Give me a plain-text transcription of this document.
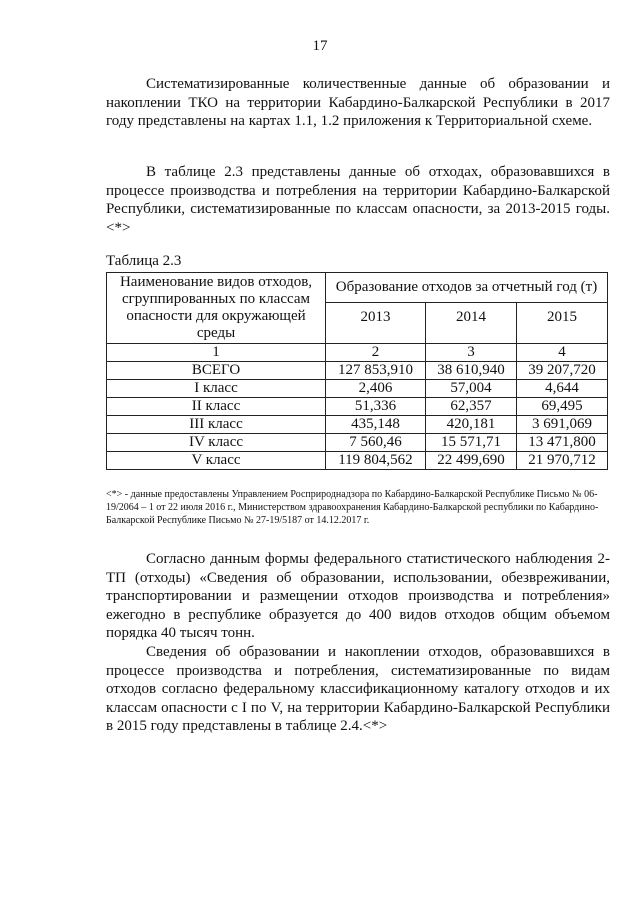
17

Систематизированные количественные данные об образовании и накоплении ТКО на территории Кабардино-Балкарской Республики в 2017 году представлены на картах 1.1, 1.2 приложения к Территориальной схеме.

В таблице 2.3 представлены данные об отходах, образовавшихся в процессе производства и потребления на территории Кабардино-Балкарской Республики, систематизированные по классам опасности, за 2013-2015 годы. <*>

Таблица 2.3
Наименование видов отходов, сгруппированных по классам опасности для окружающей среды	Образование отходов за отчетный год (т)		
	2013	2014	2015
1	2	3	4
ВСЕГО	127 853,910	38 610,940	39 207,720
I класс	2,406	57,004	4,644
II класс	51,336	62,357	69,495
III класс	435,148	420,181	3 691,069
IV класс	7 560,46	15 571,71	13 471,800
V класс	119 804,562	22 499,690	21 970,712

<*> - данные предоставлены Управлением Росприроднадзора по Кабардино-Балкарской Республике Письмо № 06-19/2064 – 1 от 22 июля 2016 г., Министерством здравоохранения Кабардино-Балкарской республики по Кабардино-Балкарской Республике Письмо № 27-19/5187 от 14.12.2017 г.

Согласно данным формы федерального статистического наблюдения 2-ТП (отходы) «Сведения об образовании, использовании, обезвреживании, транспортировании и размещении отходов производства и потребления» ежегодно в республике образуется до 400 видов отходов общим объемом порядка 40 тысяч тонн.

Сведения об образовании и накоплении отходов, образовавшихся в процессе производства и потребления, систематизированные по видам отходов согласно федеральному классификационному каталогу отходов и их классам опасности с I по V, на территории Кабардино-Балкарской Республики в 2015 году представлены в таблице 2.4.<*>
